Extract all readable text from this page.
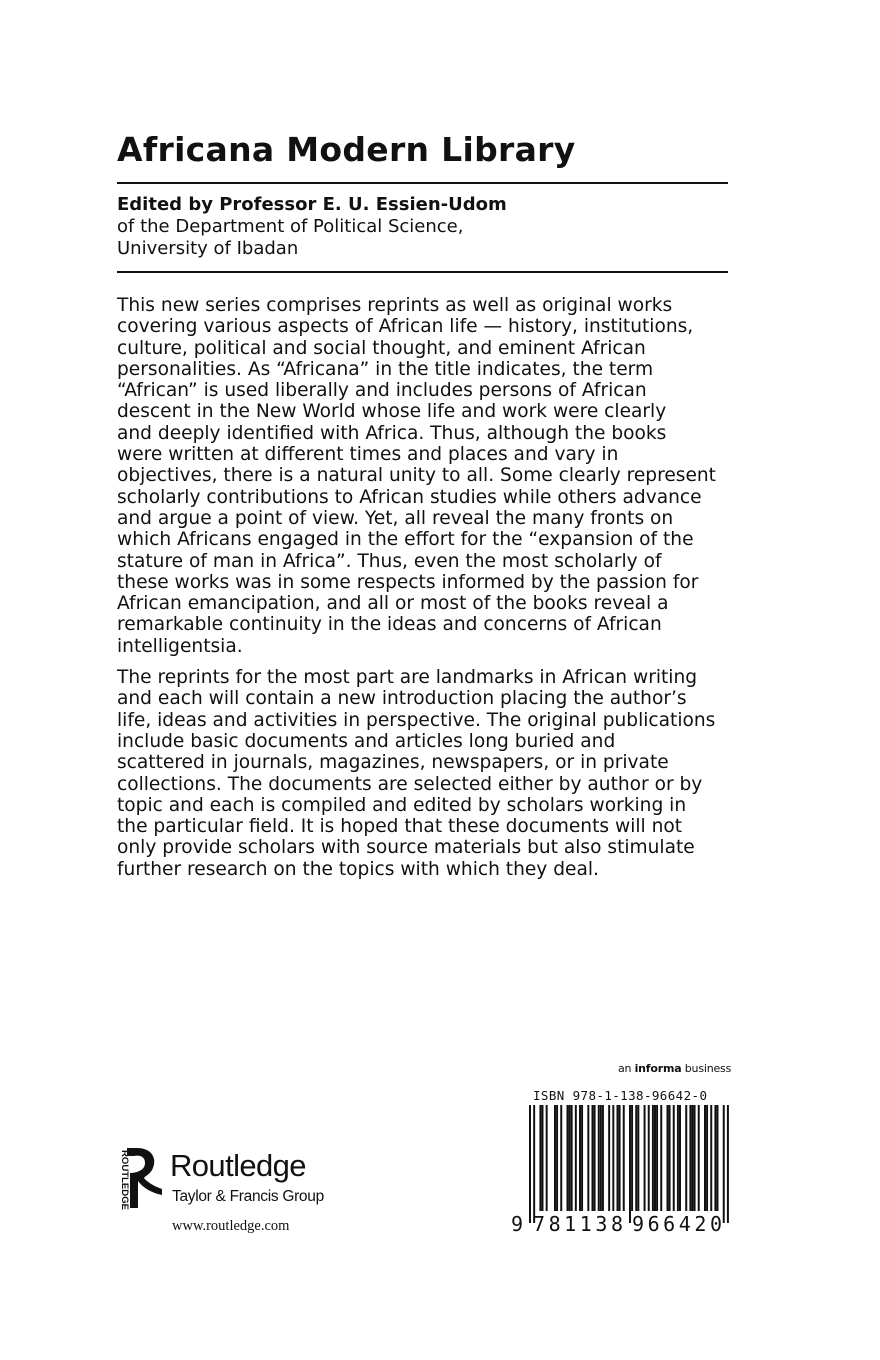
Africana Modern Library
Edited by Professor E. U. Essien-Udom
of the Department of Political Science,
University of Ibadan

This new series comprises reprints as well as original works
covering various aspects of African life — history, institutions,
culture, political and social thought, and eminent African
personalities. As “Africana” in the title indicates, the term
“African” is used liberally and includes persons of African
descent in the New World whose life and work were clearly
and deeply identified with Africa. Thus, although the books
were written at different times and places and vary in
objectives, there is a natural unity to all. Some clearly represent
scholarly contributions to African studies while others advance
and argue a point of view. Yet, all reveal the many fronts on
which Africans engaged in the effort for the “expansion of the
stature of man in Africa”. Thus, even the most scholarly of
these works was in some respects informed by the passion for
African emancipation, and all or most of the books reveal a
remarkable continuity in the ideas and concerns of African
intelligentsia.

The reprints for the most part are landmarks in African writing
and each will contain a new introduction placing the author’s
life, ideas and activities in perspective. The original publications
include basic documents and articles long buried and
scattered in journals, magazines, newspapers, or in private
collections. The documents are selected either by author or by
topic and each is compiled and edited by scholars working in
the particular field. It is hoped that these documents will not
only provide scholars with source materials but also stimulate
further research on the topics with which they deal.

an informa business
ISBN 978-1-138-96642-0
9 781138 966420
ROUTLEDGE Routledge
Taylor & Francis Group
www.routledge.com
